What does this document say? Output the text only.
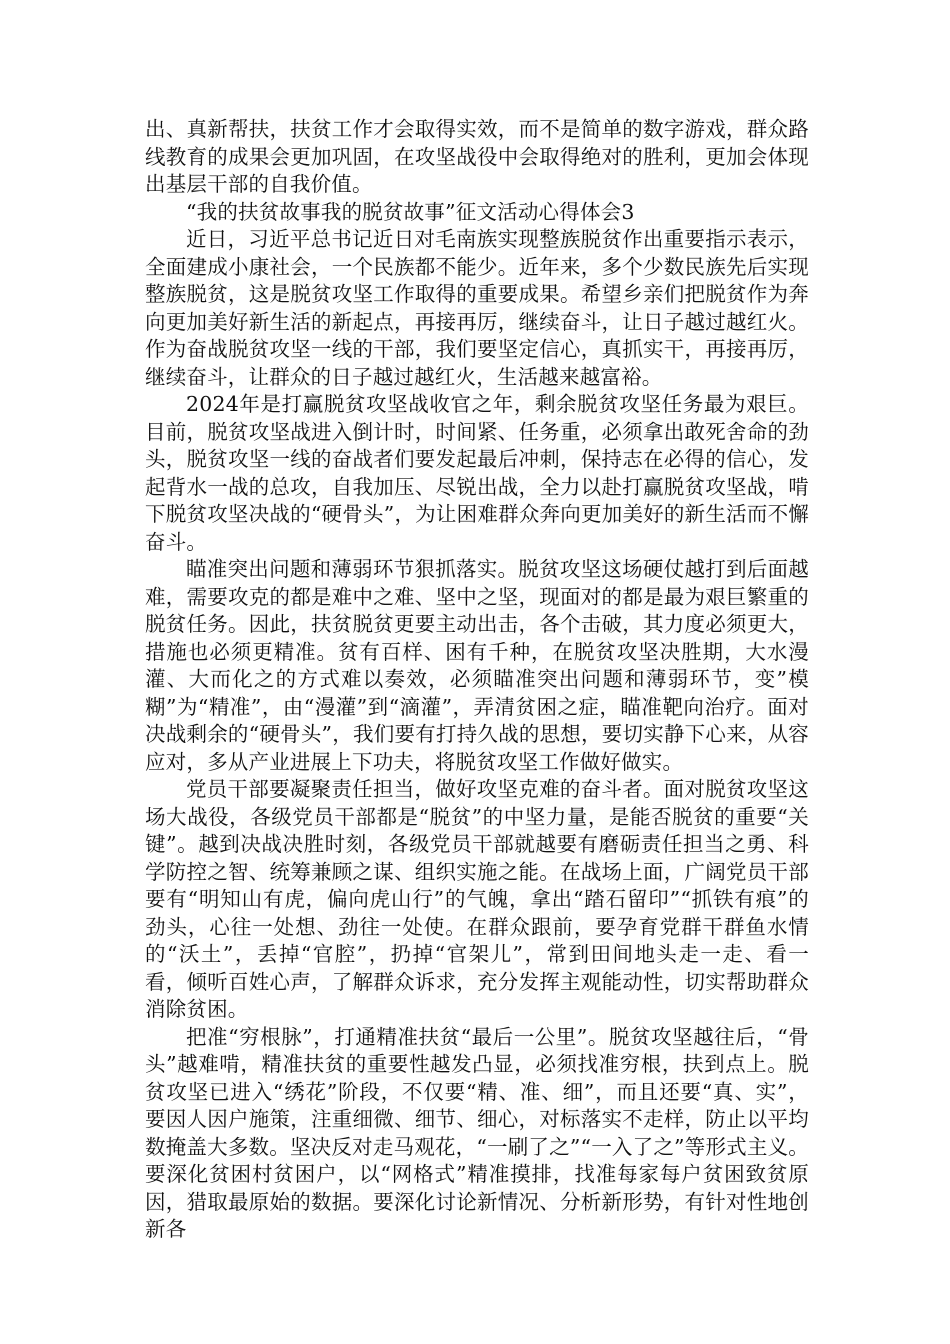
出、真新帮扶，扶贫工作才会取得实效，而不是简单的数字游戏，群众路线教育的成果会更加巩固，在攻坚战役中会取得绝对的胜利，更加会体现出基层干部的自我价值。

“我的扶贫故事我的脱贫故事”征文活动心得体会3

近日，习近平总书记近日对毛南族实现整族脱贫作出重要指示表示，全面建成小康社会，一个民族都不能少。近年来，多个少数民族先后实现整族脱贫，这是脱贫攻坚工作取得的重要成果。希望乡亲们把脱贫作为奔向更加美好新生活的新起点，再接再厉，继续奋斗，让日子越过越红火。作为奋战脱贫攻坚一线的干部，我们要坚定信心，真抓实干，再接再厉，继续奋斗，让群众的日子越过越红火，生活越来越富裕。

2024年是打赢脱贫攻坚战收官之年，剩余脱贫攻坚任务最为艰巨。目前，脱贫攻坚战进入倒计时，时间紧、任务重，必须拿出敢死舍命的劲头，脱贫攻坚一线的奋战者们要发起最后冲刺，保持志在必得的信心，发起背水一战的总攻，自我加压、尽锐出战，全力以赴打赢脱贫攻坚战，啃下脱贫攻坚决战的“硬骨头”，为让困难群众奔向更加美好的新生活而不懈奋斗。

瞄准突出问题和薄弱环节狠抓落实。脱贫攻坚这场硬仗越打到后面越难，需要攻克的都是难中之难、坚中之坚，现面对的都是最为艰巨繁重的脱贫任务。因此，扶贫脱贫更要主动出击，各个击破，其力度必须更大，措施也必须更精准。贫有百样、困有千种，在脱贫攻坚决胜期，大水漫灌、大而化之的方式难以奏效，必须瞄准突出问题和薄弱环节，变”模糊”为“精准”，由“漫灌”到“滴灌”，弄清贫困之症，瞄准靶向治疗。面对决战剩余的“硬骨头”，我们要有打持久战的思想，要切实静下心来，从容应对，多从产业进展上下功夫，将脱贫攻坚工作做好做实。

党员干部要凝聚责任担当，做好攻坚克难的奋斗者。面对脱贫攻坚这场大战役，各级党员干部都是“脱贫”的中坚力量，是能否脱贫的重要“关键”。越到决战决胜时刻，各级党员干部就越要有磨砺责任担当之勇、科学防控之智、统筹兼顾之谋、组织实施之能。在战场上面，广阔党员干部要有“明知山有虎，偏向虎山行”的气魄，拿出“踏石留印”“抓铁有痕”的劲头，心往一处想、劲往一处使。在群众跟前，要孕育党群干群鱼水情的“沃土”，丢掉“官腔”，扔掉“官架儿”，常到田间地头走一走、看一看，倾听百姓心声，了解群众诉求，充分发挥主观能动性，切实帮助群众消除贫困。

把准“穷根脉”，打通精准扶贫“最后一公里”。脱贫攻坚越往后，“骨头”越难啃，精准扶贫的重要性越发凸显，必须找准穷根，扶到点上。脱贫攻坚已进入“绣花”阶段，不仅要“精、准、细”，而且还要“真、实”，要因人因户施策，注重细微、细节、细心，对标落实不走样，防止以平均数掩盖大多数。坚决反对走马观花，“一刷了之”“一入了之”等形式主义。要深化贫困村贫困户，以“网格式”精准摸排，找准每家每户贫困致贫原因，猎取最原始的数据。要深化讨论新情况、分析新形势，有针对性地创新各
